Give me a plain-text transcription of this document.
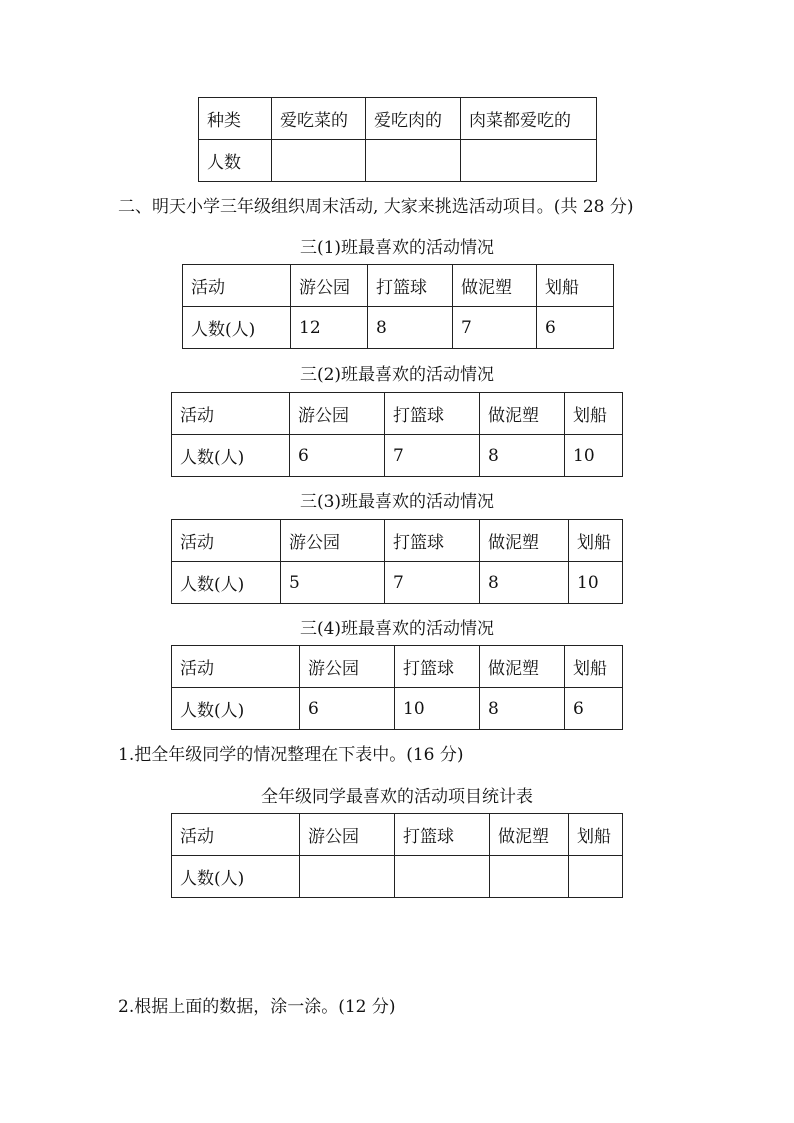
种类	爱吃菜的	爱吃肉的	肉菜都爱吃的
人数			
二、明天小学三年级组织周末活动, 大家来挑选活动项目。(共 28 分)
三(1)班最喜欢的活动情况
活动	游公园	打篮球	做泥塑	划船
人数(人)	12	8	7	6
三(2)班最喜欢的活动情况
活动	游公园	打篮球	做泥塑	划船
人数(人)	6	7	8	10
三(3)班最喜欢的活动情况
活动	游公园	打篮球	做泥塑	划船
人数(人)	5	7	8	10
三(4)班最喜欢的活动情况
活动	游公园	打篮球	做泥塑	划船
人数(人)	6	10	8	6
1.把全年级同学的情况整理在下表中。(16 分)
全年级同学最喜欢的活动项目统计表
活动	游公园	打篮球	做泥塑	划船
人数(人)				
2.根据上面的数据，涂一涂。(12 分)
